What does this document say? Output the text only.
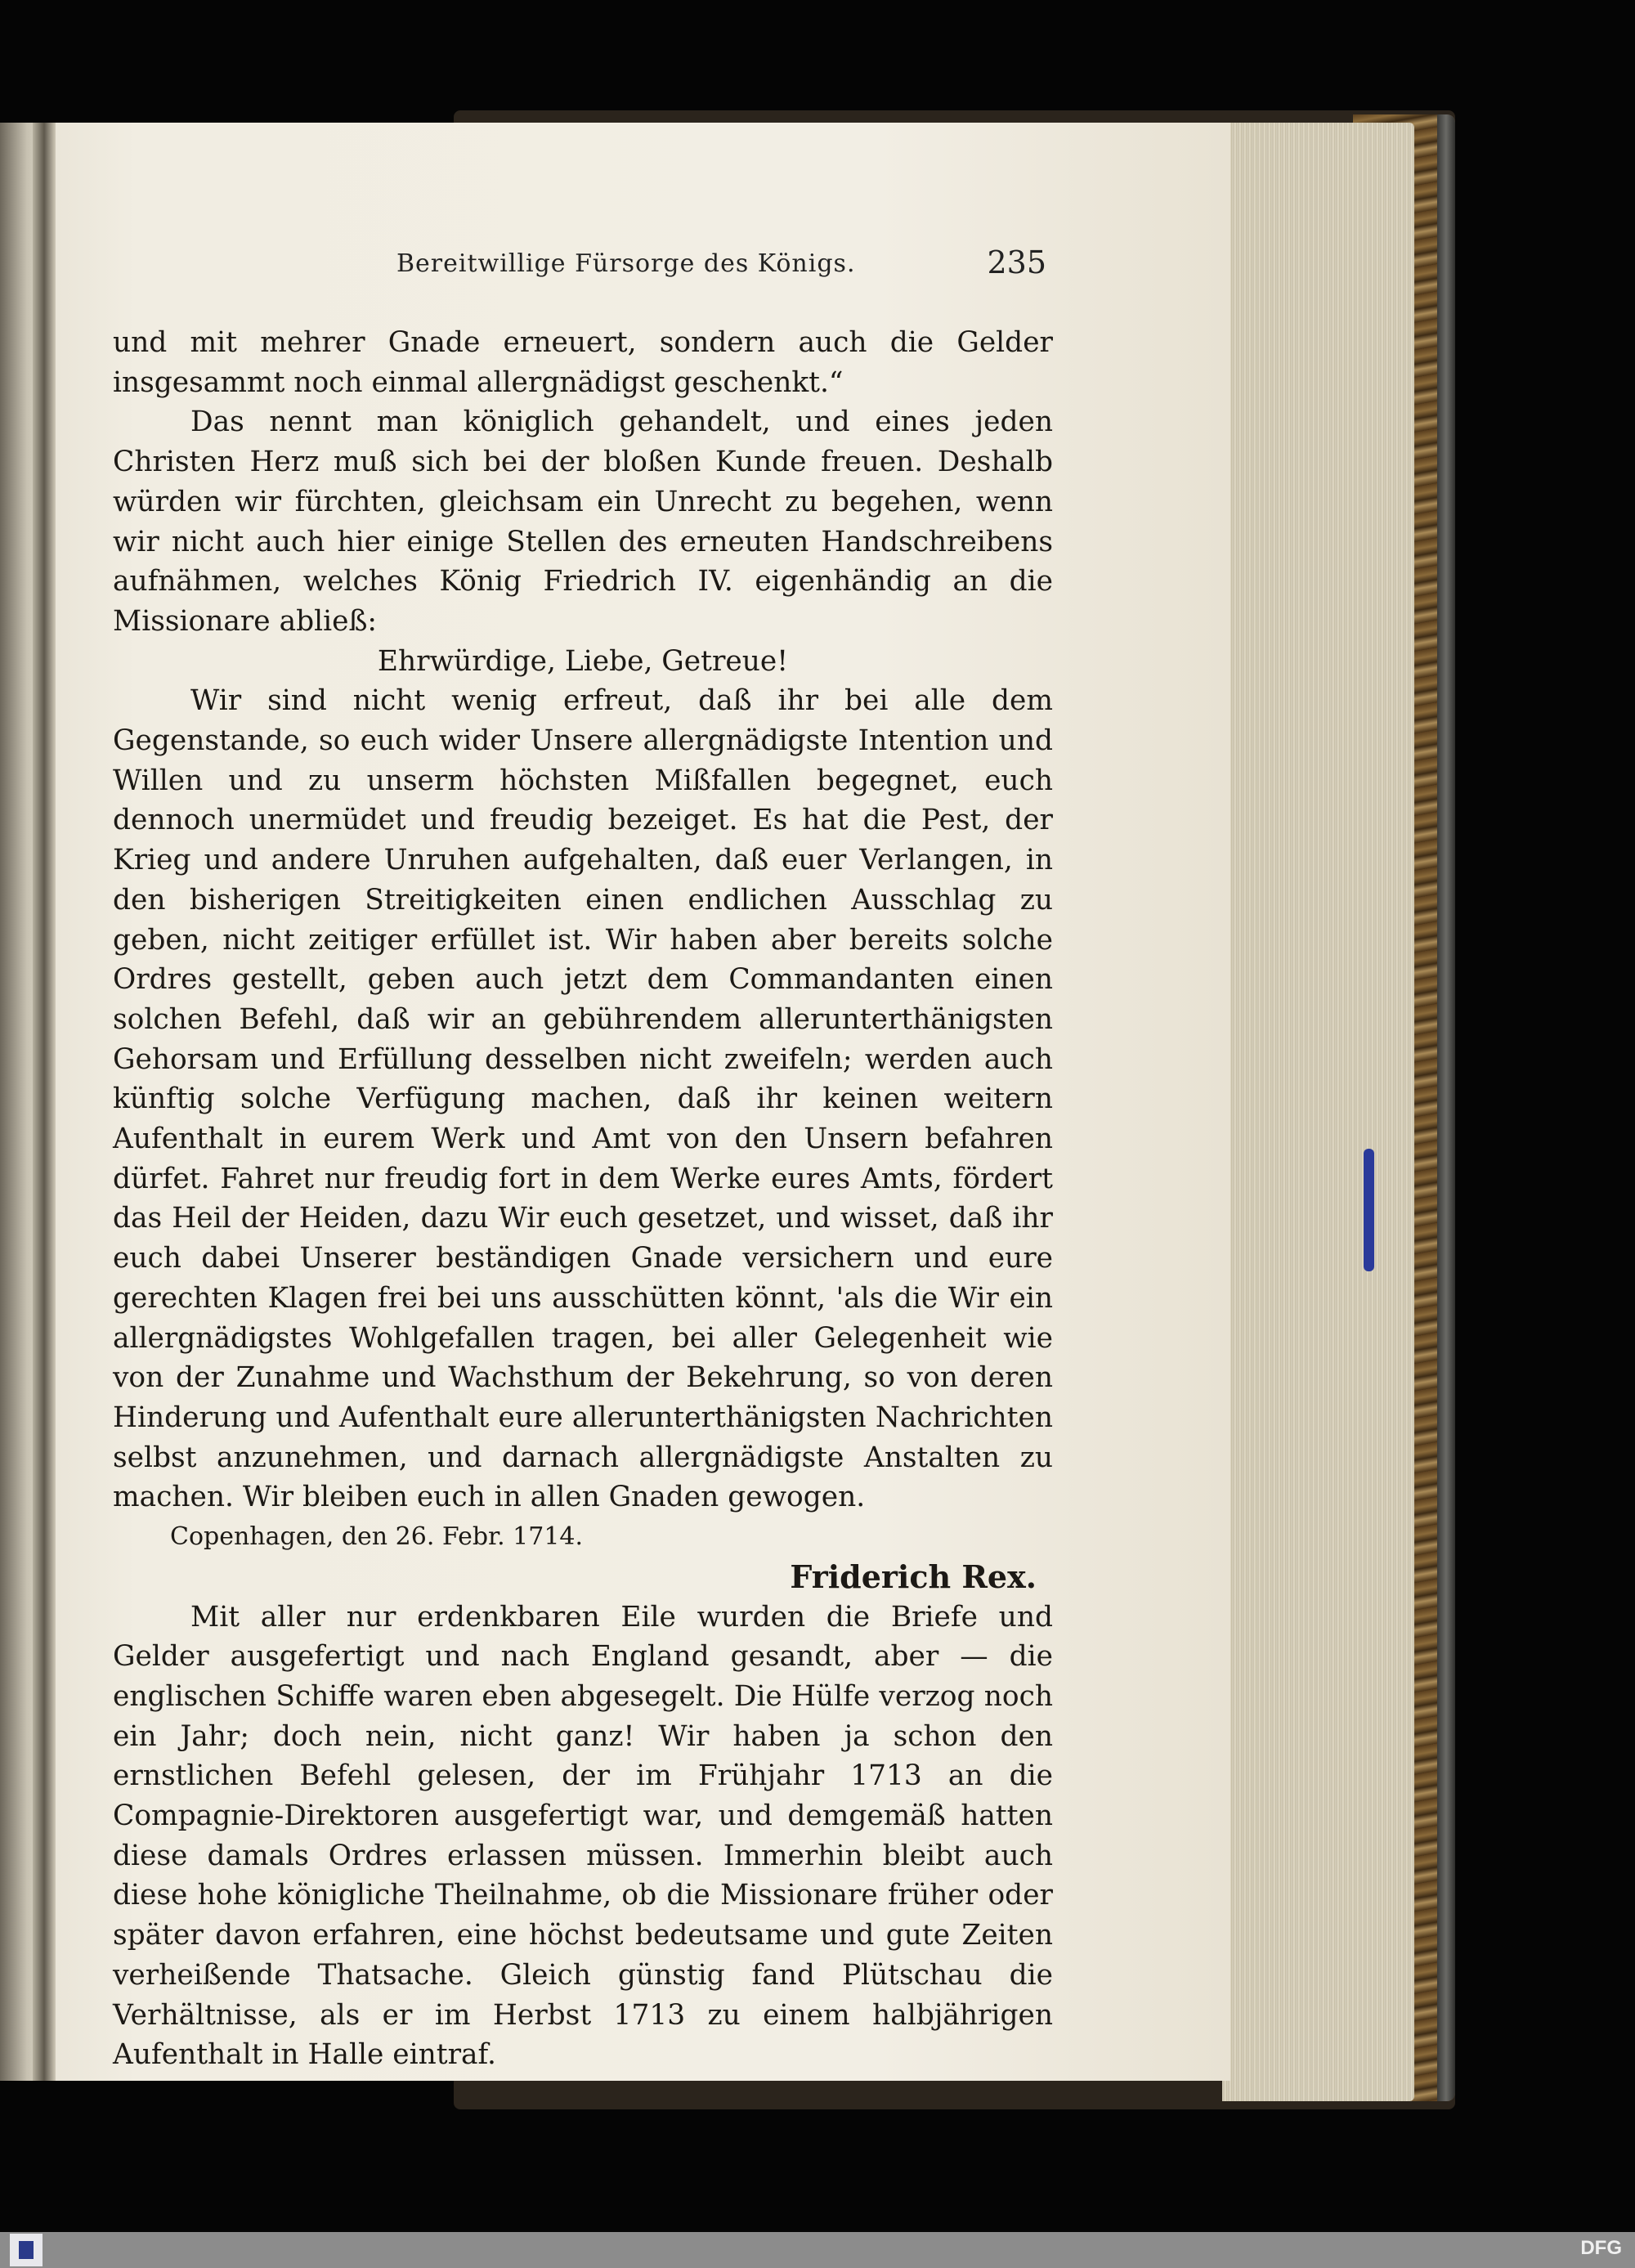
Bereitwillige Fürsorge des Königs.	235

und mit mehrer Gnade erneuert, sondern auch die Gelder insgesammt noch einmal allergnädigst geschenkt.“

Das nennt man königlich gehandelt, und eines jeden Christen Herz muß sich bei der bloßen Kunde freuen. Deshalb würden wir fürchten, gleichsam ein Unrecht zu begehen, wenn wir nicht auch hier einige Stellen des erneuten Handschreibens aufnähmen, welches König Friedrich IV. eigenhändig an die Missionare abließ:

Ehrwürdige, Liebe, Getreue!

Wir sind nicht wenig erfreut, daß ihr bei alle dem Gegenstande, so euch wider Unsere allergnädigste Intention und Willen und zu unserm höchsten Mißfallen begegnet, euch dennoch unermüdet und freudig bezeiget. Es hat die Pest, der Krieg und andere Unruhen aufgehalten, daß euer Verlangen, in den bisherigen Streitigkeiten einen endlichen Ausschlag zu geben, nicht zeitiger erfüllet ist. Wir haben aber bereits solche Ordres gestellt, geben auch jetzt dem Commandanten einen solchen Befehl, daß wir an gebührendem allerunterthänigsten Gehorsam und Erfüllung desselben nicht zweifeln; werden auch künftig solche Verfügung machen, daß ihr keinen weitern Aufenthalt in eurem Werk und Amt von den Unsern befahren dürfet. Fahret nur freudig fort in dem Werke eures Amts, fördert das Heil der Heiden, dazu Wir euch gesetzet, und wisset, daß ihr euch dabei Unserer beständigen Gnade versichern und eure gerechten Klagen frei bei uns ausschütten könnt, 'als die Wir ein allergnädigstes Wohlgefallen tragen, bei aller Gelegenheit wie von der Zunahme und Wachsthum der Bekehrung, so von deren Hinderung und Aufenthalt eure allerunterthänigsten Nachrichten selbst anzunehmen, und darnach allergnädigste Anstalten zu machen. Wir bleiben euch in allen Gnaden gewogen.

Copenhagen, den 26. Febr. 1714.

Friderich Rex.

Mit aller nur erdenkbaren Eile wurden die Briefe und Gelder ausgefertigt und nach England gesandt, aber — die englischen Schiffe waren eben abgesegelt. Die Hülfe verzog noch ein Jahr; doch nein, nicht ganz! Wir haben ja schon den ernstlichen Befehl gelesen, der im Frühjahr 1713 an die Compagnie-Direktoren ausgefertigt war, und demgemäß hatten diese damals Ordres erlassen müssen. Immerhin bleibt auch diese hohe königliche Theilnahme, ob die Missionare früher oder später davon erfahren, eine höchst bedeutsame und gute Zeiten verheißende Thatsache. Gleich günstig fand Plütschau die Verhältnisse, als er im Herbst 1713 zu einem halbjährigen Aufenthalt in Halle eintraf.

DFG
